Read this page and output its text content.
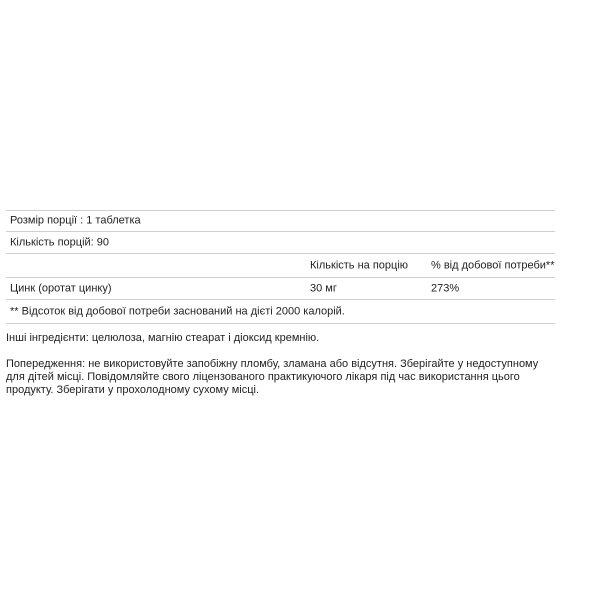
Розмір порції : 1 таблетка
Кількість порцій: 90
Кількість на порцію % від добової потреби**
Цинк (оротат цинку)	30 мг	273%
** Відсоток від добової потреби заснований на дієті 2000 калорій.
Інші інгредієнти: целюлоза, магнію стеарат і діоксид кремнію.
Попередження: не використовуйте запобіжну пломбу, зламана або відсутня. Зберігайте у недоступному для дітей місці. Повідомляйте свого ліцензованого практикуючого лікаря під час використання цього продукту. Зберігати у прохолодному сухому місці.
